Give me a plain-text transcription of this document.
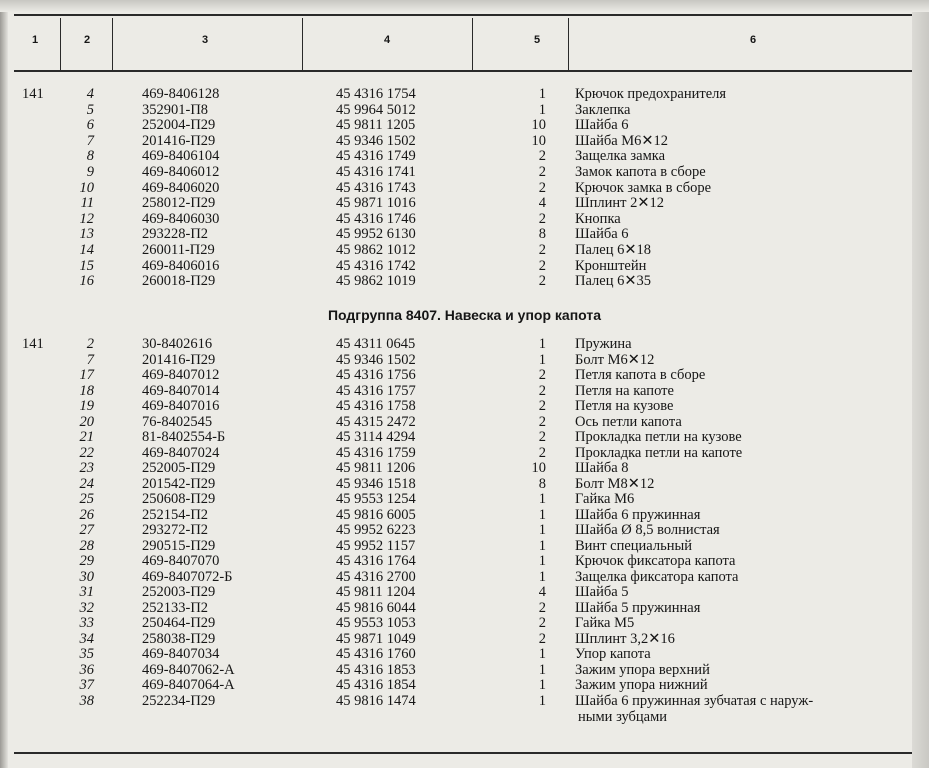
1	2	3	4	5	6
141	4	469-8406128	45 4316 1754	1 Крючок предохранителя
5	352901-П8	45 9964 5012	1 Заклепка
6	252004-П29	45 9811 1205	10 Шайба 6
7	201416-П29	45 9346 1502	10 Шайба М6✕12
8	469-8406104	45 4316 1749	2 Защелка замка
9	469-8406012	45 4316 1741	2 Замок капота в сборе
10	469-8406020	45 4316 1743	2 Крючок замка в сборе
11	258012-П29	45 9871 1016	4 Шплинт 2✕12
12	469-8406030	45 4316 1746	2 Кнопка
13	293228-П2	45 9952 6130	8 Шайба 6
14	260011-П29	45 9862 1012	2 Палец 6✕18
15	469-8406016	45 4316 1742	2 Кронштейн
16	260018-П29	45 9862 1019	2 Палец 6✕35
Подгруппа 8407. Навеска и упор капота
141	2	30-8402616	45 4311 0645	1 Пружина
7	201416-П29	45 9346 1502	1 Болт М6✕12
17	469-8407012	45 4316 1756	2 Петля капота в сборе
18	469-8407014	45 4316 1757	2 Петля на капоте
19	469-8407016	45 4316 1758	2 Петля на кузове
20	76-8402545	45 4315 2472	2 Ось петли капота
21	81-8402554-Б	45 3114 4294	2 Прокладка петли на кузове
22	469-8407024	45 4316 1759	2 Прокладка петли на капоте
23	252005-П29	45 9811 1206	10 Шайба 8
24	201542-П29	45 9346 1518	8 Болт М8✕12
25	250608-П29	45 9553 1254	1 Гайка М6
26	252154-П2	45 9816 6005	1 Шайба 6 пружинная
27	293272-П2	45 9952 6223	1 Шайба Ø 8,5 волнистая
28	290515-П29	45 9952 1157	1 Винт специальный
29	469-8407070	45 4316 1764	1 Крючок фиксатора капота
30	469-8407072-Б	45 4316 2700	1 Защелка фиксатора капота
31	252003-П29	45 9811 1204	4 Шайба 5
32	252133-П2	45 9816 6044	2 Шайба 5 пружинная
33	250464-П29	45 9553 1053	2 Гайка М5
34	258038-П29	45 9871 1049	2 Шплинт 3,2✕16
35	469-8407034	45 4316 1760	1 Упор капота
36	469-8407062-А	45 4316 1853	1 Зажим упора верхний
37	469-8407064-А	45 4316 1854	1 Зажим упора нижний
38	252234-П29	45 9816 1474	1 Шайба 6 пружинная зубчатая с наруж-
ными зубцами
